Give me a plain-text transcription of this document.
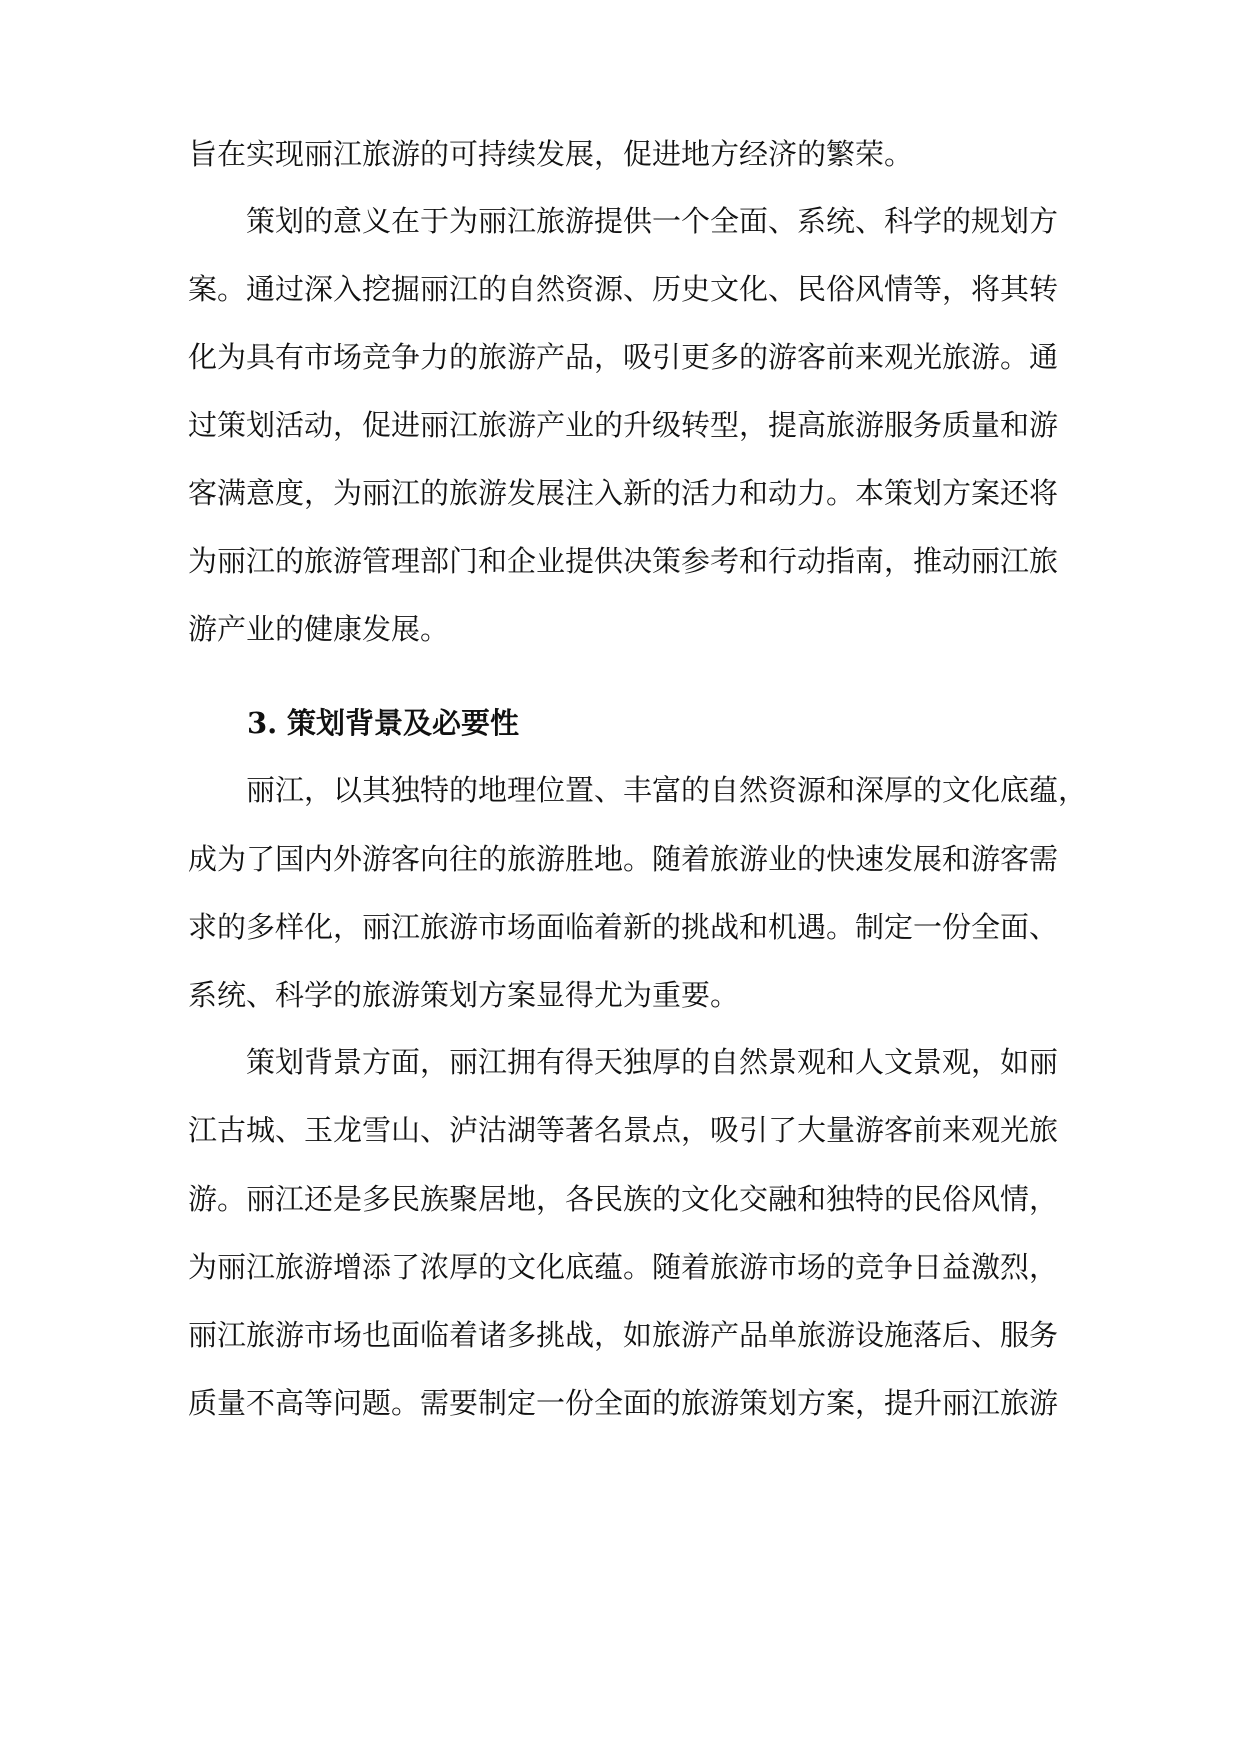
旨在实现丽江旅游的可持续发展，促进地方经济的繁荣。
　　策划的意义在于为丽江旅游提供一个全面、系统、科学的规划方
案。通过深入挖掘丽江的自然资源、历史文化、民俗风情等，将其转
化为具有市场竞争力的旅游产品，吸引更多的游客前来观光旅游。通
过策划活动，促进丽江旅游产业的升级转型，提高旅游服务质量和游
客满意度，为丽江的旅游发展注入新的活力和动力。本策划方案还将
为丽江的旅游管理部门和企业提供决策参考和行动指南，推动丽江旅
游产业的健康发展。
3. 策划背景及必要性
　　丽江，以其独特的地理位置、丰富的自然资源和深厚的文化底蕴，
成为了国内外游客向往的旅游胜地。随着旅游业的快速发展和游客需
求的多样化，丽江旅游市场面临着新的挑战和机遇。制定一份全面、
系统、科学的旅游策划方案显得尤为重要。
　　策划背景方面，丽江拥有得天独厚的自然景观和人文景观，如丽
江古城、玉龙雪山、泸沽湖等著名景点，吸引了大量游客前来观光旅
游。丽江还是多民族聚居地，各民族的文化交融和独特的民俗风情，
为丽江旅游增添了浓厚的文化底蕴。随着旅游市场的竞争日益激烈，
丽江旅游市场也面临着诸多挑战，如旅游产品单旅游设施落后、服务
质量不高等问题。需要制定一份全面的旅游策划方案，提升丽江旅游
